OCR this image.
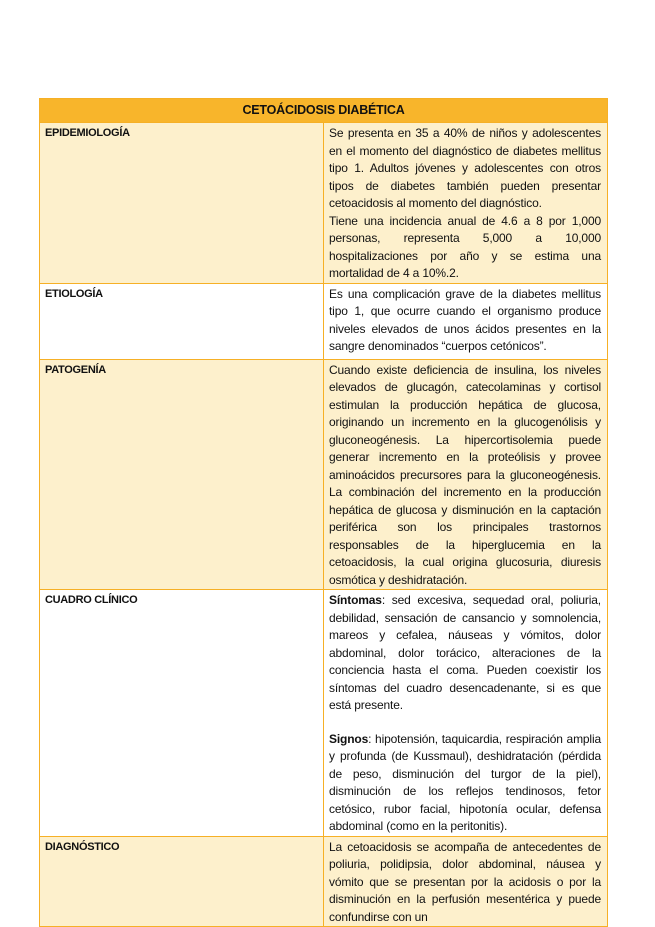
CETOÁCIDOSIS DIABÉTICA	
EPIDEMIOLOGÍA	Se presenta en 35 a 40% de niños y adolescentes en el momento del diagnóstico de diabetes mellitus tipo 1. Adultos jóvenes y adolescentes con otros tipos de diabetes también pueden presentar cetoacidosis al momento del diagnóstico.

Tiene una incidencia anual de 4.6 a 8 por 1,000 personas, representa 5,000 a 10,000 hospitalizaciones por año y se estima una mortalidad de 4 a 10%.2.

ETIOLOGÍA	Es una complicación grave de la diabetes mellitus tipo 1, que ocurre cuando el organismo produce niveles elevados de unos ácidos presentes en la sangre denominados “cuerpos cetónicos”.

PATOGENÍA	Cuando existe deficiencia de insulina, los niveles elevados de glucagón, catecolaminas y cortisol estimulan la producción hepática de glucosa, originando un incremento en la glucogenólisis y gluconeogénesis. La hipercortisolemia puede generar incremento en la proteólisis y provee aminoácidos precursores para la gluconeogénesis. La combinación del incremento en la producción hepática de glucosa y disminución en la captación periférica son los principales trastornos responsables de la hiperglucemia en la cetoacidosis, la cual origina glucosuria, diuresis osmótica y deshidratación.

CUADRO CLÍNICO	Síntomas: sed excesiva, sequedad oral, poliuria, debilidad, sensación de cansancio y somnolencia, mareos y cefalea, náuseas y vómitos, dolor abdominal, dolor torácico, alteraciones de la conciencia hasta el coma. Pueden coexistir los síntomas del cuadro desencadenante, si es que está presente.

Signos: hipotensión, taquicardia, respiración amplia y profunda (de Kussmaul), deshidratación (pérdida de peso, disminución del turgor de la piel), disminución de los reflejos tendinosos, fetor cetósico, rubor facial, hipotonía ocular, defensa abdominal (como en la peritonitis).

DIAGNÓSTICO	La cetoacidosis se acompaña de antecedentes de poliuria, polidipsia, dolor abdominal, náusea y vómito que se presentan por la acidosis o por la disminución en la perfusión mesentérica y puede confundirse con un
